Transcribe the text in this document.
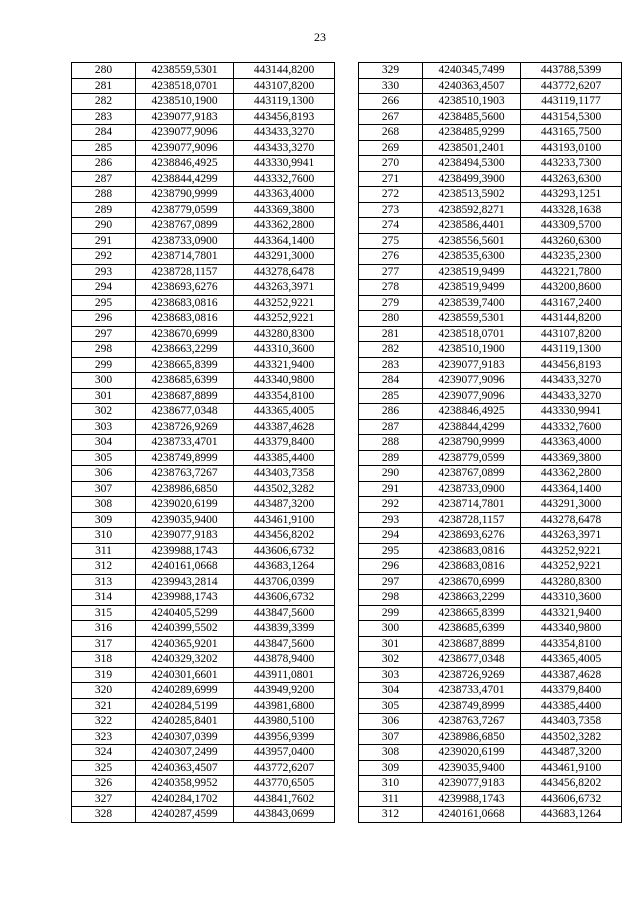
23
280	4238559,5301	443144,8200
281	4238518,0701	443107,8200
282	4238510,1900	443119,1300
283	4239077,9183	443456,8193
284	4239077,9096	443433,3270
285	4239077,9096	443433,3270
286	4238846,4925	443330,9941
287	4238844,4299	443332,7600
288	4238790,9999	443363,4000
289	4238779,0599	443369,3800
290	4238767,0899	443362,2800
291	4238733,0900	443364,1400
292	4238714,7801	443291,3000
293	4238728,1157	443278,6478
294	4238693,6276	443263,3971
295	4238683,0816	443252,9221
296	4238683,0816	443252,9221
297	4238670,6999	443280,8300
298	4238663,2299	443310,3600
299	4238665,8399	443321,9400
300	4238685,6399	443340,9800
301	4238687,8899	443354,8100
302	4238677,0348	443365,4005
303	4238726,9269	443387,4628
304	4238733,4701	443379,8400
305	4238749,8999	443385,4400
306	4238763,7267	443403,7358
307	4238986,6850	443502,3282
308	4239020,6199	443487,3200
309	4239035,9400	443461,9100
310	4239077,9183	443456,8202
311	4239988,1743	443606,6732
312	4240161,0668	443683,1264
313	4239943,2814	443706,0399
314	4239988,1743	443606,6732
315	4240405,5299	443847,5600
316	4240399,5502	443839,3399
317	4240365,9201	443847,5600
318	4240329,3202	443878,9400
319	4240301,6601	443911,0801
320	4240289,6999	443949,9200
321	4240284,5199	443981,6800
322	4240285,8401	443980,5100
323	4240307,0399	443956,9399
324	4240307,2499	443957,0400
325	4240363,4507	443772,6207
326	4240358,9952	443770,6505
327	4240284,1702	443841,7602
328	4240287,4599	443843,0699
329	4240345,7499	443788,5399
330	4240363,4507	443772,6207
266	4238510,1903	443119,1177
267	4238485,5600	443154,5300
268	4238485,9299	443165,7500
269	4238501,2401	443193,0100
270	4238494,5300	443233,7300
271	4238499,3900	443263,6300
272	4238513,5902	443293,1251
273	4238592,8271	443328,1638
274	4238586,4401	443309,5700
275	4238556,5601	443260,6300
276	4238535,6300	443235,2300
277	4238519,9499	443221,7800
278	4238519,9499	443200,8600
279	4238539,7400	443167,2400
280	4238559,5301	443144,8200
281	4238518,0701	443107,8200
282	4238510,1900	443119,1300
283	4239077,9183	443456,8193
284	4239077,9096	443433,3270
285	4239077,9096	443433,3270
286	4238846,4925	443330,9941
287	4238844,4299	443332,7600
288	4238790,9999	443363,4000
289	4238779,0599	443369,3800
290	4238767,0899	443362,2800
291	4238733,0900	443364,1400
292	4238714,7801	443291,3000
293	4238728,1157	443278,6478
294	4238693,6276	443263,3971
295	4238683,0816	443252,9221
296	4238683,0816	443252,9221
297	4238670,6999	443280,8300
298	4238663,2299	443310,3600
299	4238665,8399	443321,9400
300	4238685,6399	443340,9800
301	4238687,8899	443354,8100
302	4238677,0348	443365,4005
303	4238726,9269	443387,4628
304	4238733,4701	443379,8400
305	4238749,8999	443385,4400
306	4238763,7267	443403,7358
307	4238986,6850	443502,3282
308	4239020,6199	443487,3200
309	4239035,9400	443461,9100
310	4239077,9183	443456,8202
311	4239988,1743	443606,6732
312	4240161,0668	443683,1264
